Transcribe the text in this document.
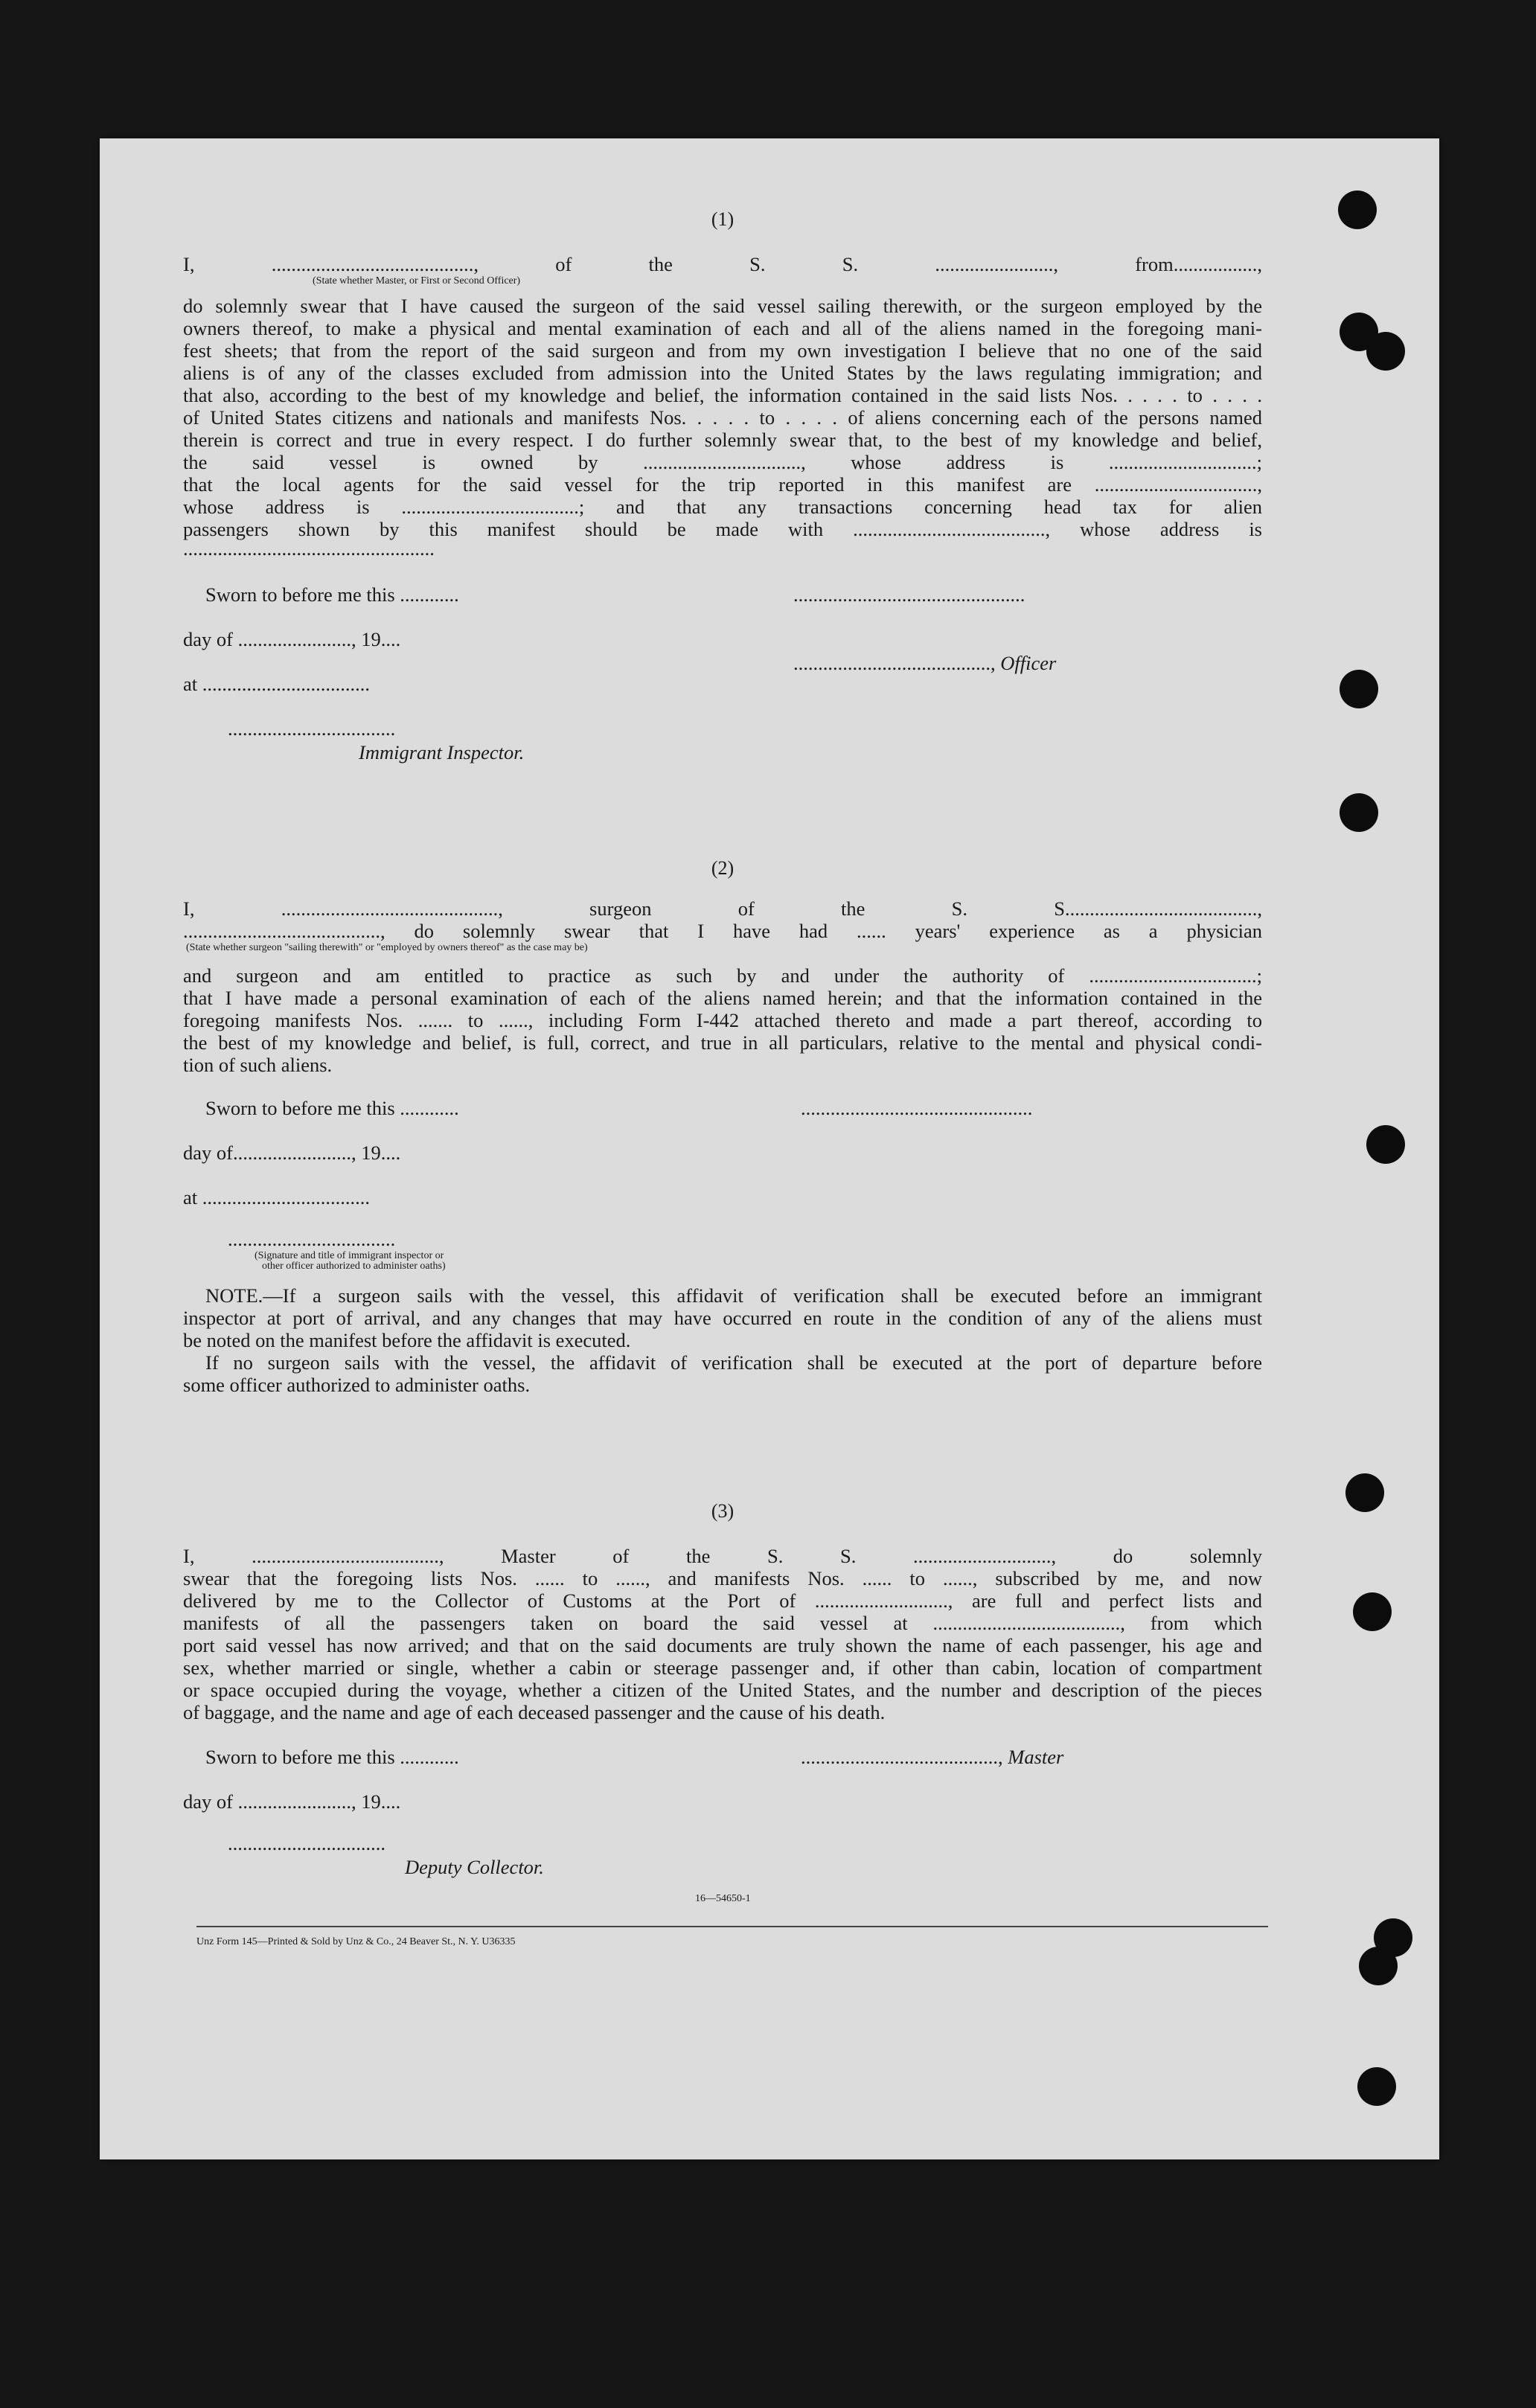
(1)
I, ........................................., of the S. S. ........................, from.................,
(State whether Master, or First or Second Officer)
do solemnly swear that I have caused the surgeon of the said vessel sailing therewith, or the surgeon employed by the
owners thereof, to make a physical and mental examination of each and all of the aliens named in the foregoing mani-
fest sheets; that from the report of the said surgeon and from my own investigation I believe that no one of the said
aliens is of any of the classes excluded from admission into the United States by the laws regulating immigration; and
that also, according to the best of my knowledge and belief, the information contained in the said lists Nos. . . . . to . . . .
of United States citizens and nationals and manifests Nos. . . . . to . . . . of aliens concerning each of the persons named
therein is correct and true in every respect. I do further solemnly swear that, to the best of my knowledge and belief,
the said vessel is owned by ................................, whose address is ..............................;
that the local agents for the said vessel for the trip reported in this manifest are .................................,
whose address is ....................................; and that any transactions concerning head tax for alien
passengers shown by this manifest should be made with ......................................., whose address is
...................................................
Sworn to before me this ............	...............................................
day of ......................., 19....
........................................, Officer
at ..................................
..................................
Immigrant Inspector.
(2)
I, ............................................, surgeon of the S. S.......................................,
........................................, do solemnly swear that I have had ...... years' experience as a physician
(State whether surgeon "sailing therewith" or "employed by owners thereof" as the case may be)
and surgeon and am entitled to practice as such by and under the authority of ..................................;
that I have made a personal examination of each of the aliens named herein; and that the information contained in the
foregoing manifests Nos. ....... to ......, including Form I-442 attached thereto and made a part thereof, according to
the best of my knowledge and belief, is full, correct, and true in all particulars, relative to the mental and physical condi-
tion of such aliens.
Sworn to before me this ............	...............................................
day of........................, 19....
at ..................................
..................................
(Signature and title of immigrant inspector or
other officer authorized to administer oaths)
NOTE.—If a surgeon sails with the vessel, this affidavit of verification shall be executed before an immigrant
inspector at port of arrival, and any changes that may have occurred en route in the condition of any of the aliens must
be noted on the manifest before the affidavit is executed.
If no surgeon sails with the vessel, the affidavit of verification shall be executed at the port of departure before
some officer authorized to administer oaths.
(3)
I, ......................................, Master of the S. S. ............................, do solemnly
swear that the foregoing lists Nos. ...... to ......, and manifests Nos. ...... to ......, subscribed by me, and now
delivered by me to the Collector of Customs at the Port of ..........................., are full and perfect lists and
manifests of all the passengers taken on board the said vessel at ......................................, from which
port said vessel has now arrived; and that on the said documents are truly shown the name of each passenger, his age and
sex, whether married or single, whether a cabin or steerage passenger and, if other than cabin, location of compartment
or space occupied during the voyage, whether a citizen of the United States, and the number and description of the pieces
of baggage, and the name and age of each deceased passenger and the cause of his death.
Sworn to before me this ............	........................................, Master
day of ......................., 19....
................................
Deputy Collector.
16—54650-1
Unz Form 145—Printed & Sold by Unz & Co., 24 Beaver St., N. Y. U36335
